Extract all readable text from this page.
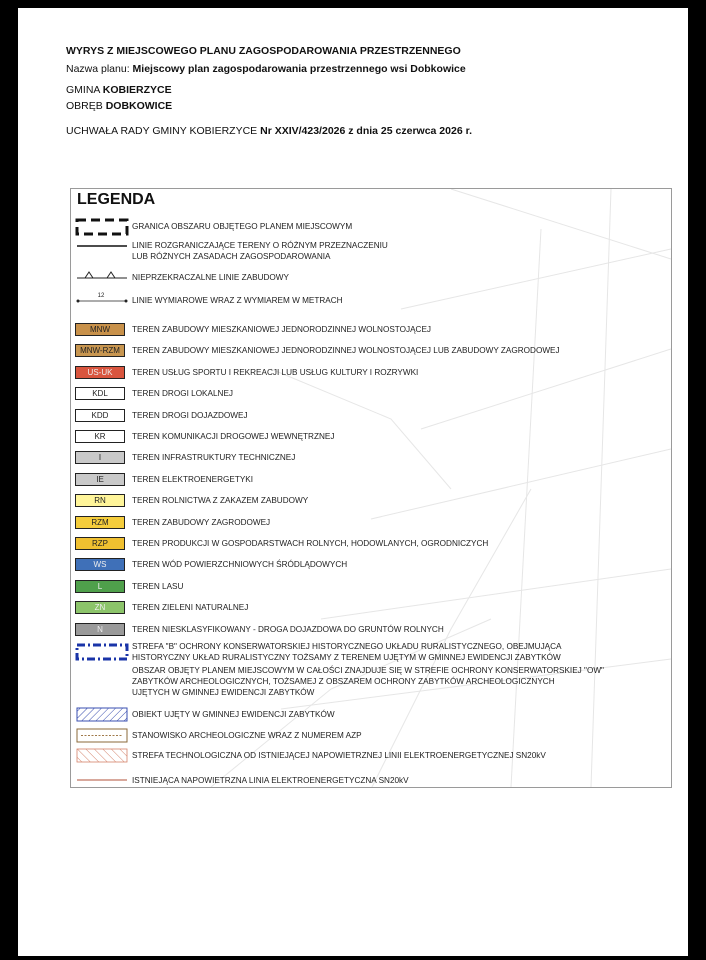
WYRYS Z MIEJSCOWEGO PLANU ZAGOSPODAROWANIA PRZESTRZENNEGO
Nazwa planu: Miejscowy plan zagospodarowania przestrzennego wsi Dobkowice
GMINA KOBIERZYCE
OBRĘB DOBKOWICE
UCHWAŁA RADY GMINY KOBIERZYCE Nr XXIV/423/2026 z dnia 25 czerwca 2026 r.
LEGENDA
GRANICA OBSZARU OBJĘTEGO PLANEM MIEJSCOWYM
LINIE ROZGRANICZAJĄCE TERENY O RÓŻNYM PRZEZNACZENIU
LUB RÓŻNYCH ZASADACH ZAGOSPODAROWANIA
NIEPRZEKRACZALNE LINIE ZABUDOWY
12	LINIE WYMIAROWE WRAZ Z WYMIAREM W METRACH
MNW	TEREN ZABUDOWY MIESZKANIOWEJ JEDNORODZINNEJ WOLNOSTOJĄCEJ
MNW-RZM	TEREN ZABUDOWY MIESZKANIOWEJ JEDNORODZINNEJ WOLNOSTOJĄCEJ LUB ZABUDOWY ZAGRODOWEJ
US-UK	TEREN USŁUG SPORTU I REKREACJI LUB USŁUG KULTURY I ROZRYWKI
KDL	TEREN DROGI LOKALNEJ
KDD	TEREN DROGI DOJAZDOWEJ
KR	TEREN KOMUNIKACJI DROGOWEJ WEWNĘTRZNEJ
I	TEREN INFRASTRUKTURY TECHNICZNEJ
IE	TEREN ELEKTROENERGETYKI
RN	TEREN ROLNICTWA Z ZAKAZEM ZABUDOWY
RZM	TEREN ZABUDOWY ZAGRODOWEJ
RZP	TEREN PRODUKCJI W GOSPODARSTWACH ROLNYCH, HODOWLANYCH, OGRODNICZYCH
WS	TEREN WÓD POWIERZCHNIOWYCH ŚRÓDLĄDOWYCH
L	TEREN LASU
ZN	TEREN ZIELENI NATURALNEJ
N	TEREN NIESKLASYFIKOWANY - DROGA DOJAZDOWA DO GRUNTÓW ROLNYCH
STREFA "B" OCHRONY KONSERWATORSKIEJ HISTORYCZNEGO UKŁADU RURALISTYCZNEGO, OBEJMUJĄCA
HISTORYCZNY UKŁAD RURALISTYCZNY TOŻSAMY Z TERENEM UJĘTYM W GMINNEJ EWIDENCJI ZABYTKÓW
OBSZAR OBJĘTY PLANEM MIEJSCOWYM W CAŁOŚCI ZNAJDUJE SIĘ W STREFIE OCHRONY KONSERWATORSKIEJ "OW"
ZABYTKÓW ARCHEOLOGICZNYCH, TOŻSAMEJ Z OBSZAREM OCHRONY ZABYTKÓW ARCHEOLOGICZNYCH
UJĘTYCH W GMINNEJ EWIDENCJI ZABYTKÓW
OBIEKT UJĘTY W GMINNEJ EWIDENCJI ZABYTKÓW
STANOWISKO ARCHEOLOGICZNE WRAZ Z NUMEREM AZP
STREFA TECHNOLOGICZNA OD ISTNIEJĄCEJ NAPOWIETRZNEJ LINII ELEKTROENERGETYCZNEJ SN20kV
ISTNIEJĄCA NAPOWIETRZNA LINIA ELEKTROENERGETYCZNA SN20kV
